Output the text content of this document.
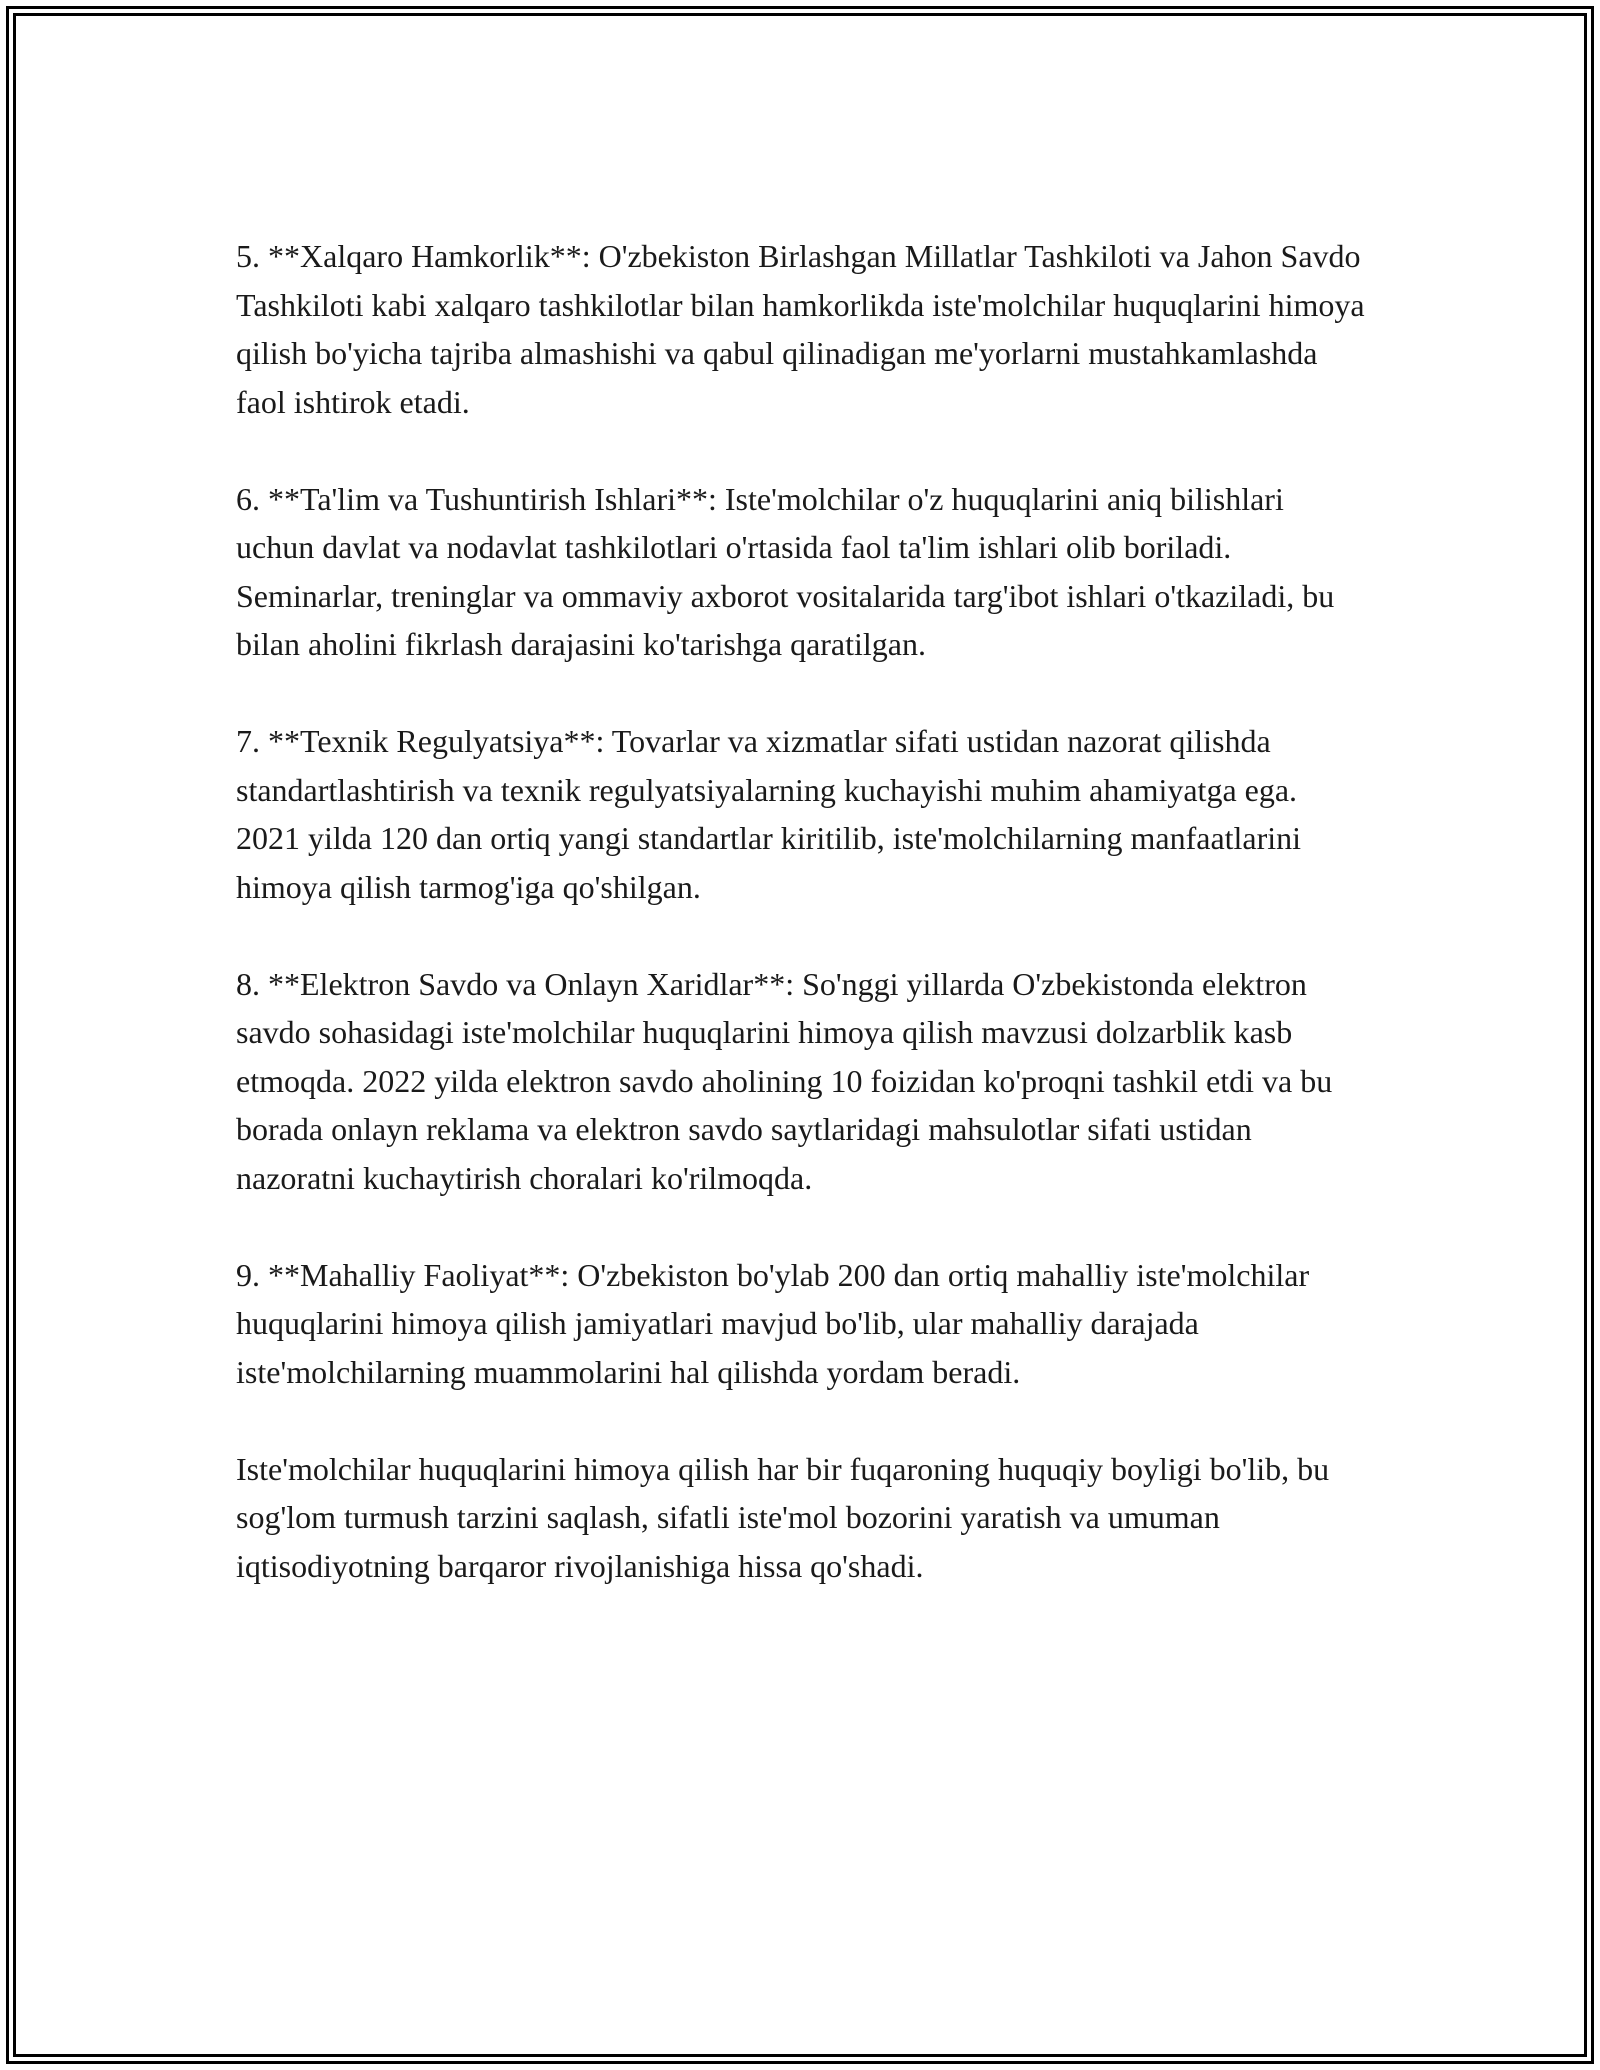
5. **Xalqaro Hamkorlik**: O'zbekiston Birlashgan Millatlar Tashkiloti va Jahon Savdo Tashkiloti kabi xalqaro tashkilotlar bilan hamkorlikda iste'molchilar huquqlarini himoya qilish bo'yicha tajriba almashishi va qabul qilinadigan me'yorlarni mustahkamlashda faol ishtirok etadi.

6. **Ta'lim va Tushuntirish Ishlari**: Iste'molchilar o'z huquqlarini aniq bilishlari uchun davlat va nodavlat tashkilotlari o'rtasida faol ta'lim ishlari olib boriladi. Seminarlar, treninglar va ommaviy axborot vositalarida targ'ibot ishlari o'tkaziladi, bu bilan aholini fikrlash darajasini ko'tarishga qaratilgan.

7. **Texnik Regulyatsiya**: Tovarlar va xizmatlar sifati ustidan nazorat qilishda standartlashtirish va texnik regulyatsiyalarning kuchayishi muhim ahamiyatga ega. 2021 yilda 120 dan ortiq yangi standartlar kiritilib, iste'molchilarning manfaatlarini himoya qilish tarmog'iga qo'shilgan.

8. **Elektron Savdo va Onlayn Xaridlar**: So'nggi yillarda O'zbekistonda elektron savdo sohasidagi iste'molchilar huquqlarini himoya qilish mavzusi dolzarblik kasb etmoqda. 2022 yilda elektron savdo aholining 10 foizidan ko'proqni tashkil etdi va bu borada onlayn reklama va elektron savdo saytlaridagi mahsulotlar sifati ustidan nazoratni kuchaytirish choralari ko'rilmoqda.

9. **Mahalliy Faoliyat**: O'zbekiston bo'ylab 200 dan ortiq mahalliy iste'molchilar huquqlarini himoya qilish jamiyatlari mavjud bo'lib, ular mahalliy darajada iste'molchilarning muammolarini hal qilishda yordam beradi.

Iste'molchilar huquqlarini himoya qilish har bir fuqaroning huquqiy boyligi bo'lib, bu sog'lom turmush tarzini saqlash, sifatli iste'mol bozorini yaratish va umuman iqtisodiyotning barqaror rivojlanishiga hissa qo'shadi.
